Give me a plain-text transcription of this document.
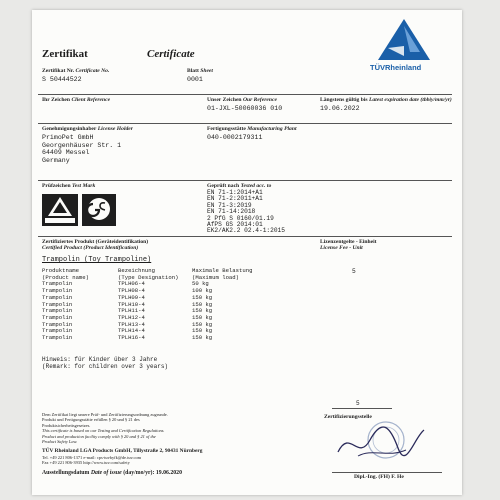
Zertifikat	Certificate
TÜVRheinland
Zertifikat Nr. Certificate No.
S 50444522
Blatt Sheet
0001
Ihr Zeichen Client Reference	Unser Zeichen Our Reference
01-JXL-50060036 010
Längstens gültig bis Latest expiration date (tbbiy/mm/yr)
19.06.2022
Genehmigungsinhaber License Holder
PrimoPet GmbH
Georgenhäuser Str. 1
64409 Messel
Germany
Fertigungsstätte Manufacturing Plant
040-0002179311
Prüfzeichen Test Mark	Geprüft nach Tested acc. to
EN 71-1:2014+A1
EN 71-2:2011+A1
EN 71-3:2019
EN 71-14:2018
2 PfG S 0160/01.19
AfPS GS 2014:01
EK2/AK2.2 02.4-1:2015
Zertifiziertes Produkt (Geräteidentifikation)
Certified Product (Product Identification)
Lizenzentgelte - Einheit
License Fee - Unit
Trampolin (Toy Trampoline)
Produktname	Bezeichnung	Maximale Belastung
(Product name)	(Type Designation)	(Maximum load)
Trampolin	TPLH06-4	50 kg
Trampolin	TPLH08-4	100 kg
Trampolin	TPLH09-4	150 kg
Trampolin	TPLH10-4	150 kg
Trampolin	TPLH11-4	150 kg
Trampolin	TPLH12-4	150 kg
Trampolin	TPLH13-4	150 kg
Trampolin	TPLH14-4	150 kg
Trampolin	TPLH16-4	150 kg
5
Hinweis: für Kinder über 3 Jahre
(Remark: for children over 3 years)
5
Dem Zertifikat liegt unsere Prüf- und Zertifizierungsordnung zugrunde.
Produkt und Fertigungsstätte erfüllen § 20 und § 21 des
Produktsicherheitsgesetzes.
This certificate is based on our Testing and Certification Regulations.
Product and production facility comply with § 20 and § 21 of the
Product Safety Law.
TÜV Rheinland LGA Products GmbH, Tillystraße 2, 90431 Nürnberg
Tel. +49 221 806-1371 e-mail: cps-tuvbyfk@de.tuv.com
Fax +49 221 806-3935 http://www.tuv.com/safety
Ausstellungsdatum Date of issue (day/mo/yr): 19.06.2020
Zertifizierungsstelle
Dipl.-Ing. (FH) F. He
